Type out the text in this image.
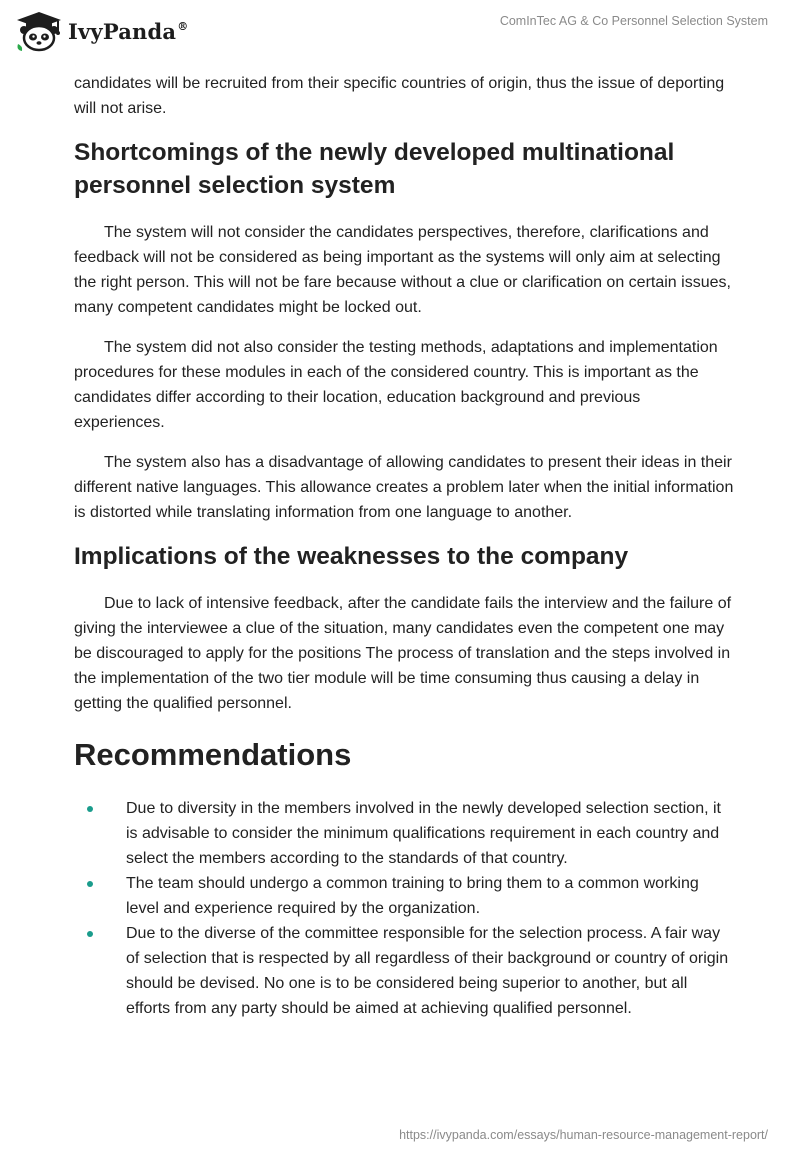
IvyPanda®	ComInTec AG & Co Personnel Selection System

candidates will be recruited from their specific countries of origin, thus the issue of deporting will not arise.

Shortcomings of the newly developed multinational personnel selection system

The system will not consider the candidates perspectives, therefore, clarifications and feedback will not be considered as being important as the systems will only aim at selecting the right person. This will not be fare because without a clue or clarification on certain issues, many competent candidates might be locked out.

The system did not also consider the testing methods, adaptations and implementation procedures for these modules in each of the considered country. This is important as the candidates differ according to their location, education background and previous experiences.

The system also has a disadvantage of allowing candidates to present their ideas in their different native languages. This allowance creates a problem later when the initial information is distorted while translating information from one language to another.

Implications of the weaknesses to the company

Due to lack of intensive feedback, after the candidate fails the interview and the failure of giving the interviewee a clue of the situation, many candidates even the competent one may be discouraged to apply for the positions The process of translation and the steps involved in the implementation of the two tier module will be time consuming thus causing a delay in getting the qualified personnel.

Recommendations
Due to diversity in the members involved in the newly developed selection section, it is advisable to consider the minimum qualifications requirement in each country and select the members according to the standards of that country.
The team should undergo a common training to bring them to a common working level and experience required by the organization.
Due to the diverse of the committee responsible for the selection process. A fair way of selection that is respected by all regardless of their background or country of origin should be devised. No one is to be considered being superior to another, but all efforts from any party should be aimed at achieving qualified personnel.
https://ivypanda.com/essays/human-resource-management-report/
